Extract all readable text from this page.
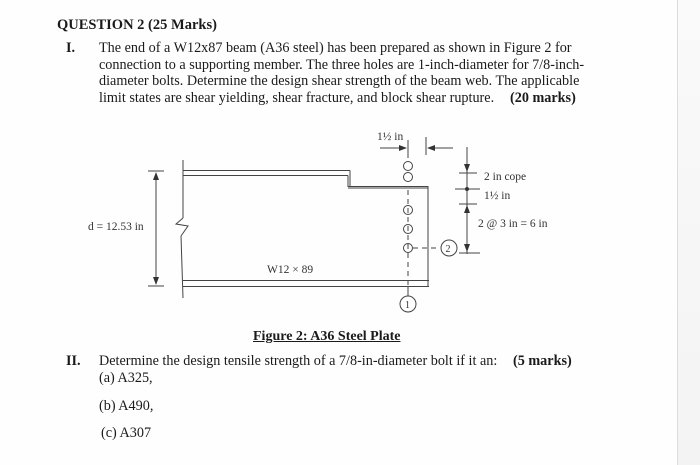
QUESTION 2 (25 Marks)
I. The end of a W12x87 beam (A36 steel) has been prepared as shown in Figure 2 for
connection to a supporting member. The three holes are 1-inch-diameter for 7/8-inch-
diameter bolts. Determine the design shear strength of the beam web. The applicable
limit states are shear yielding, shear fracture, and block shear rupture. (20 marks)
d = 12.53 in
W12 × 89
1½ in
2 in cope
1½ in
2 @ 3 in = 6 in
2
1
Figure 2: A36 Steel Plate
II. Determine the design tensile strength of a 7/8-in-diameter bolt if it an: (5 marks)
(a) A325,
(b) A490,
(c) A307
